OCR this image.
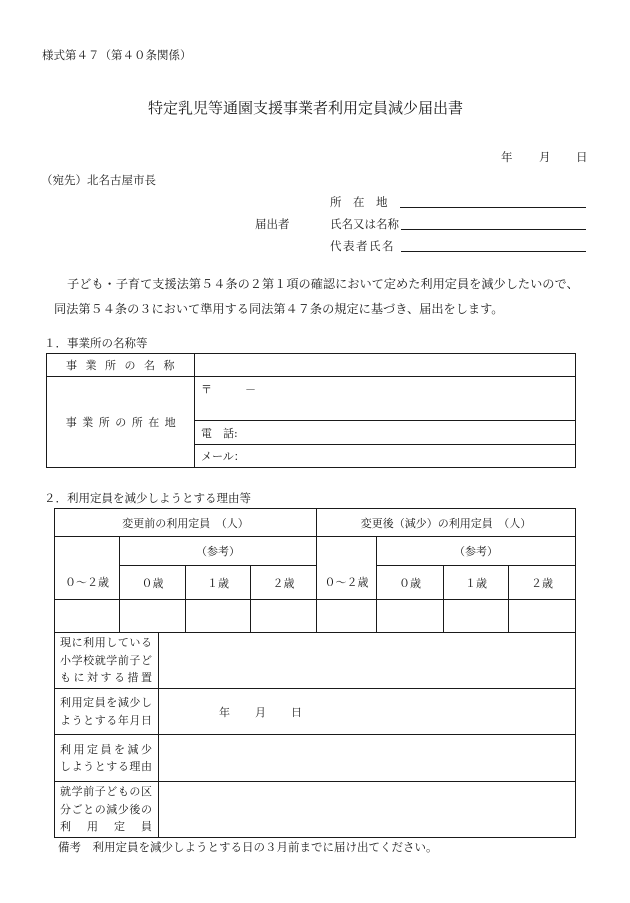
様式第４７（第４０条関係）
特定乳児等通園支援事業者利用定員減少届出書
年 月 日
（宛先）北名古屋市長
所　在　地
届出者	氏名又は名称
代表者氏名
子ども・子育て支援法第５４条の２第１項の確認において定めた利用定員を減少したいので、同法第５４条の３において準用する同法第４７条の規定に基づき、届出をします。
１．事業所の名称等
事業所の名称	
事業所の所在地	〒　　　－
	電　話:
	メール：
２．利用定員を減少しようとする理由等
変更前の利用定員　（人）				変更後（減少）の利用定員　（人）			
	（参考）				（参考）		
０～２歳	０歳	１歳	２歳	０～２歳	０歳	１歳	２歳

現に利用している
小学校就学前子ど
もに対する措置	

利用定員を減少し
ようとする年月日	年 月 日

利用定員を減少
しようとする理由	

就学前子どもの区
分ごとの減少後の
利　用　定　員	

備考　利用定員を減少しようとする日の３月前までに届け出てください。
